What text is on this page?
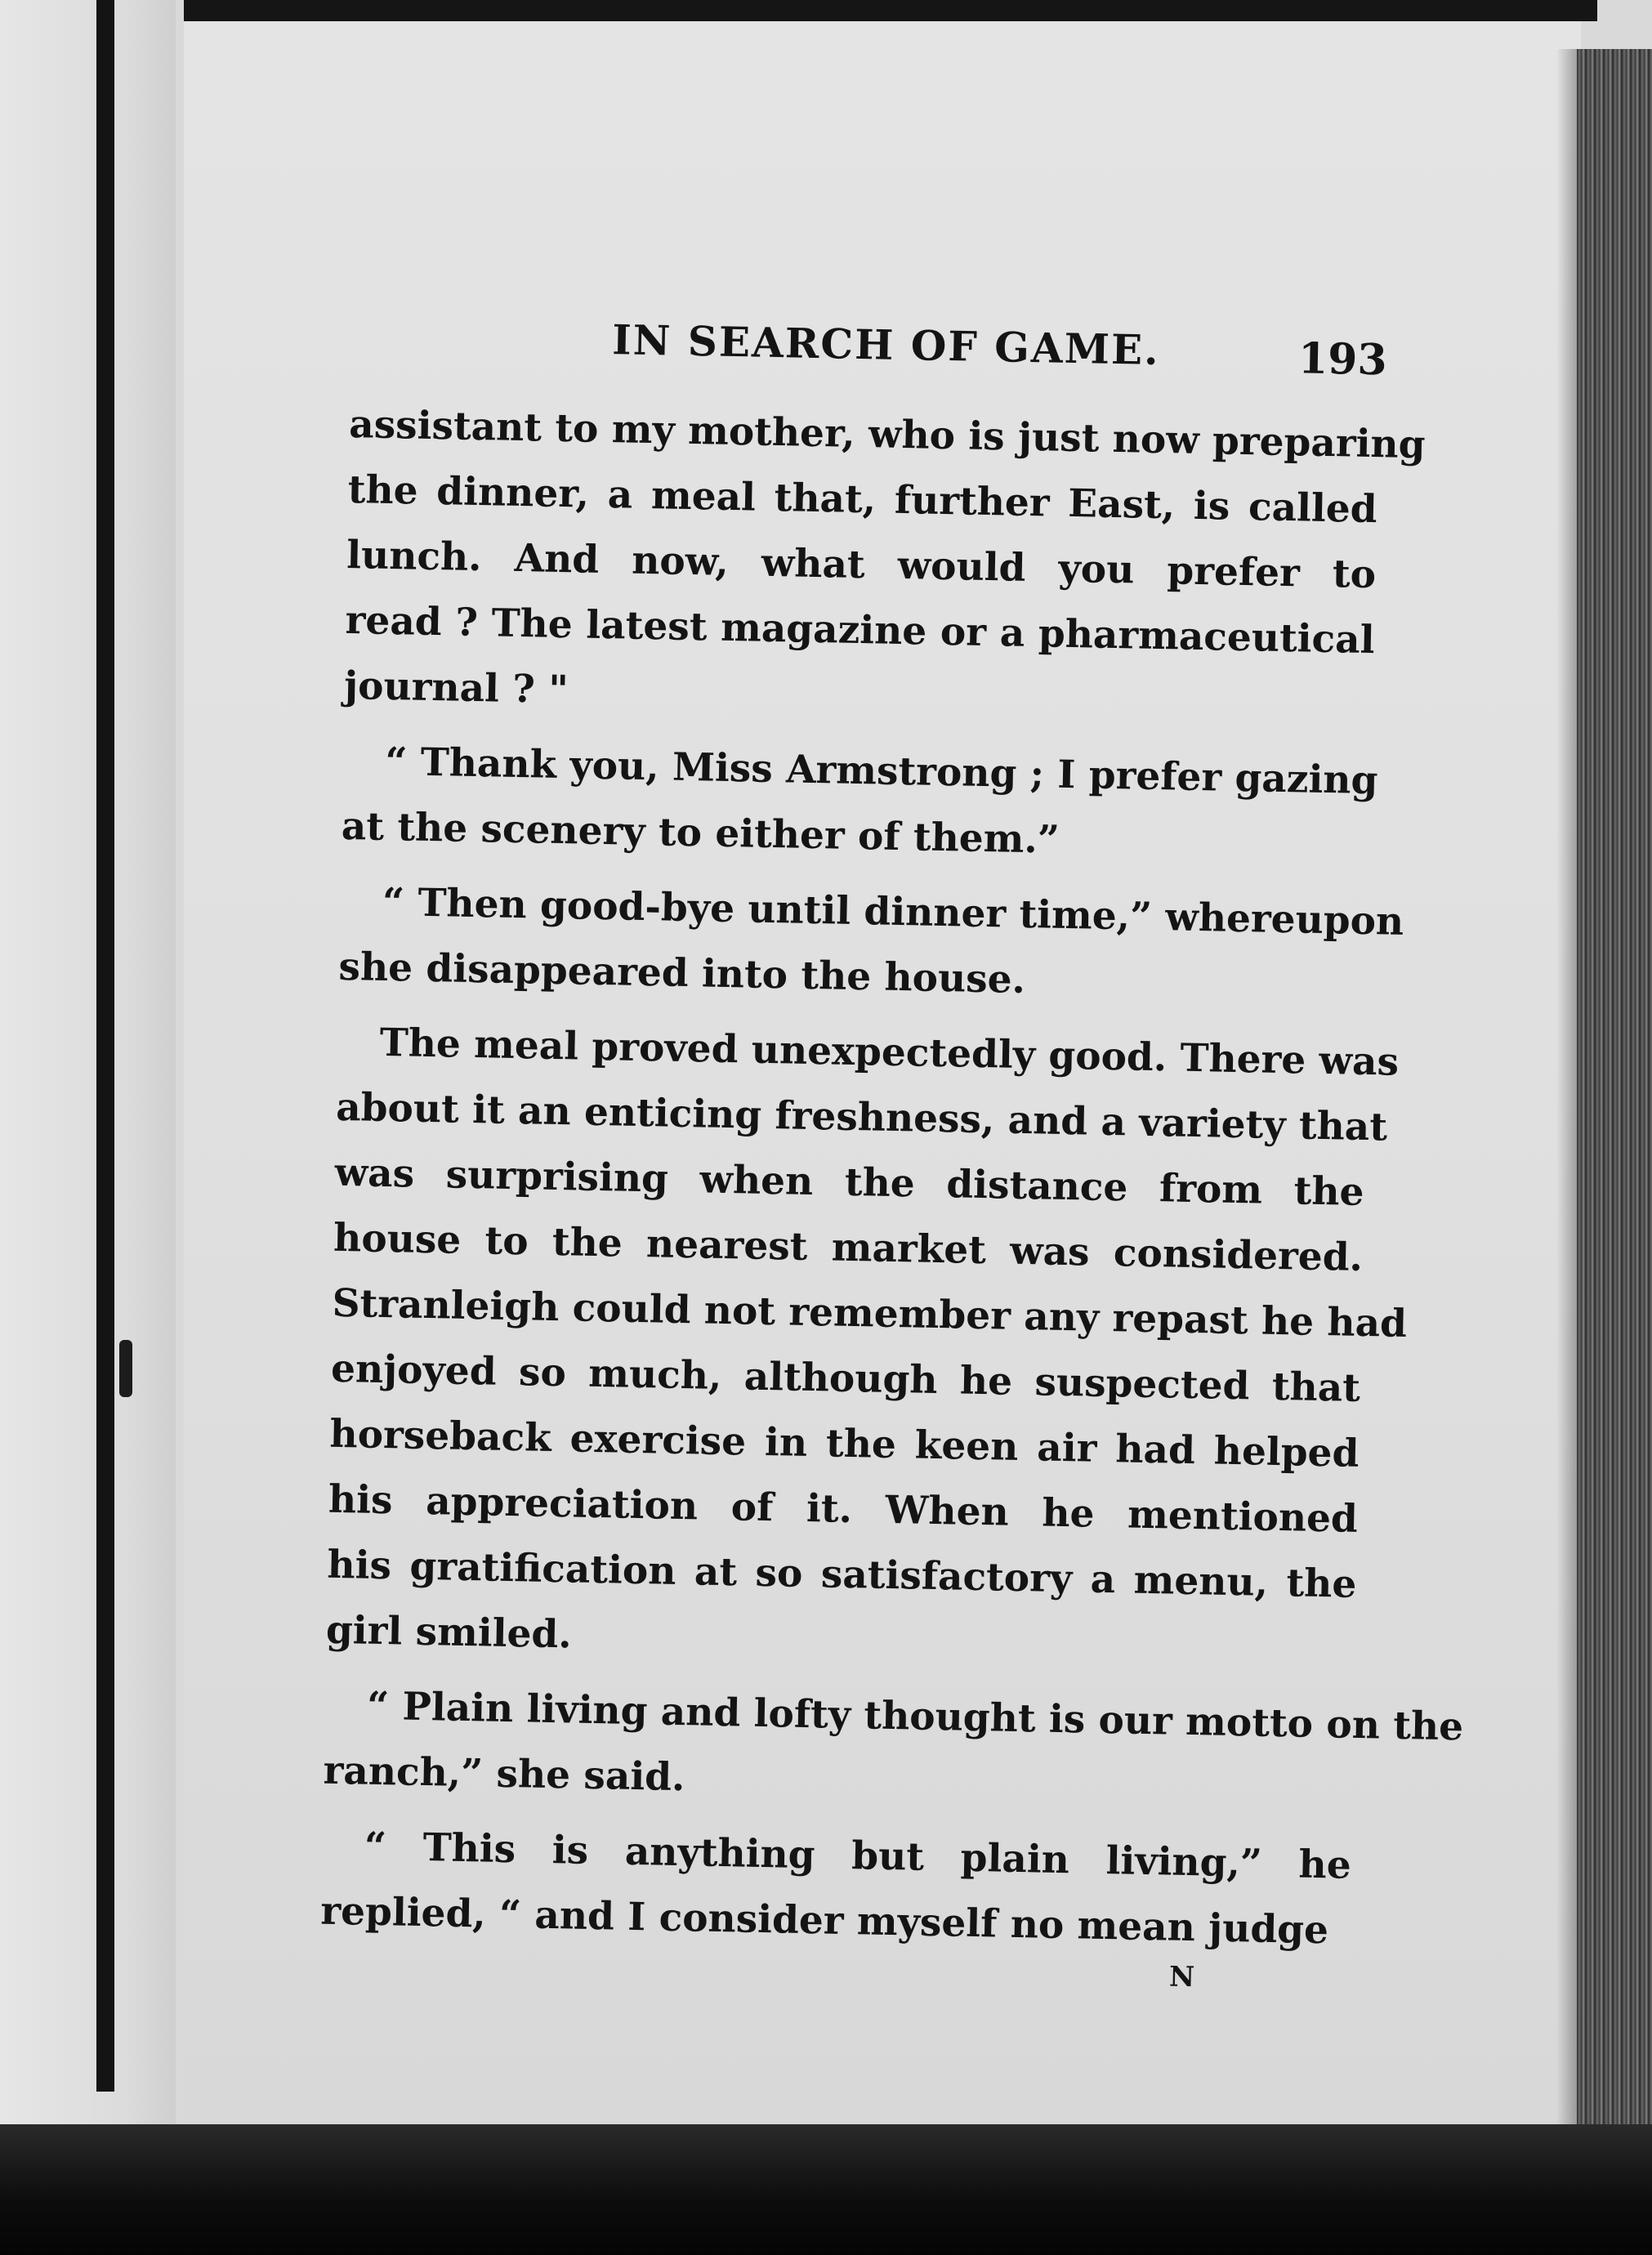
IN SEARCH OF GAME.	193
assistant to my mother, who is just now preparing
the dinner, a meal that, further East, is called
lunch. And now, what would you prefer to
read ? The latest magazine or a pharmaceutical
journal ? "
“ Thank you, Miss Armstrong ; I prefer gazing
at the scenery to either of them.”
“ Then good-bye until dinner time,” whereupon
she disappeared into the house.
The meal proved unexpectedly good. There was
about it an enticing freshness, and a variety that
was surprising when the distance from the
house to the nearest market was considered.
Stranleigh could not remember any repast he had
enjoyed so much, although he suspected that
horseback exercise in the keen air had helped
his appreciation of it. When he mentioned
his gratification at so satisfactory a menu, the
girl smiled.
“ Plain living and lofty thought is our motto on the
ranch,” she said.
“ This is anything but plain living,” he
replied, “ and I consider myself no mean judge
N
